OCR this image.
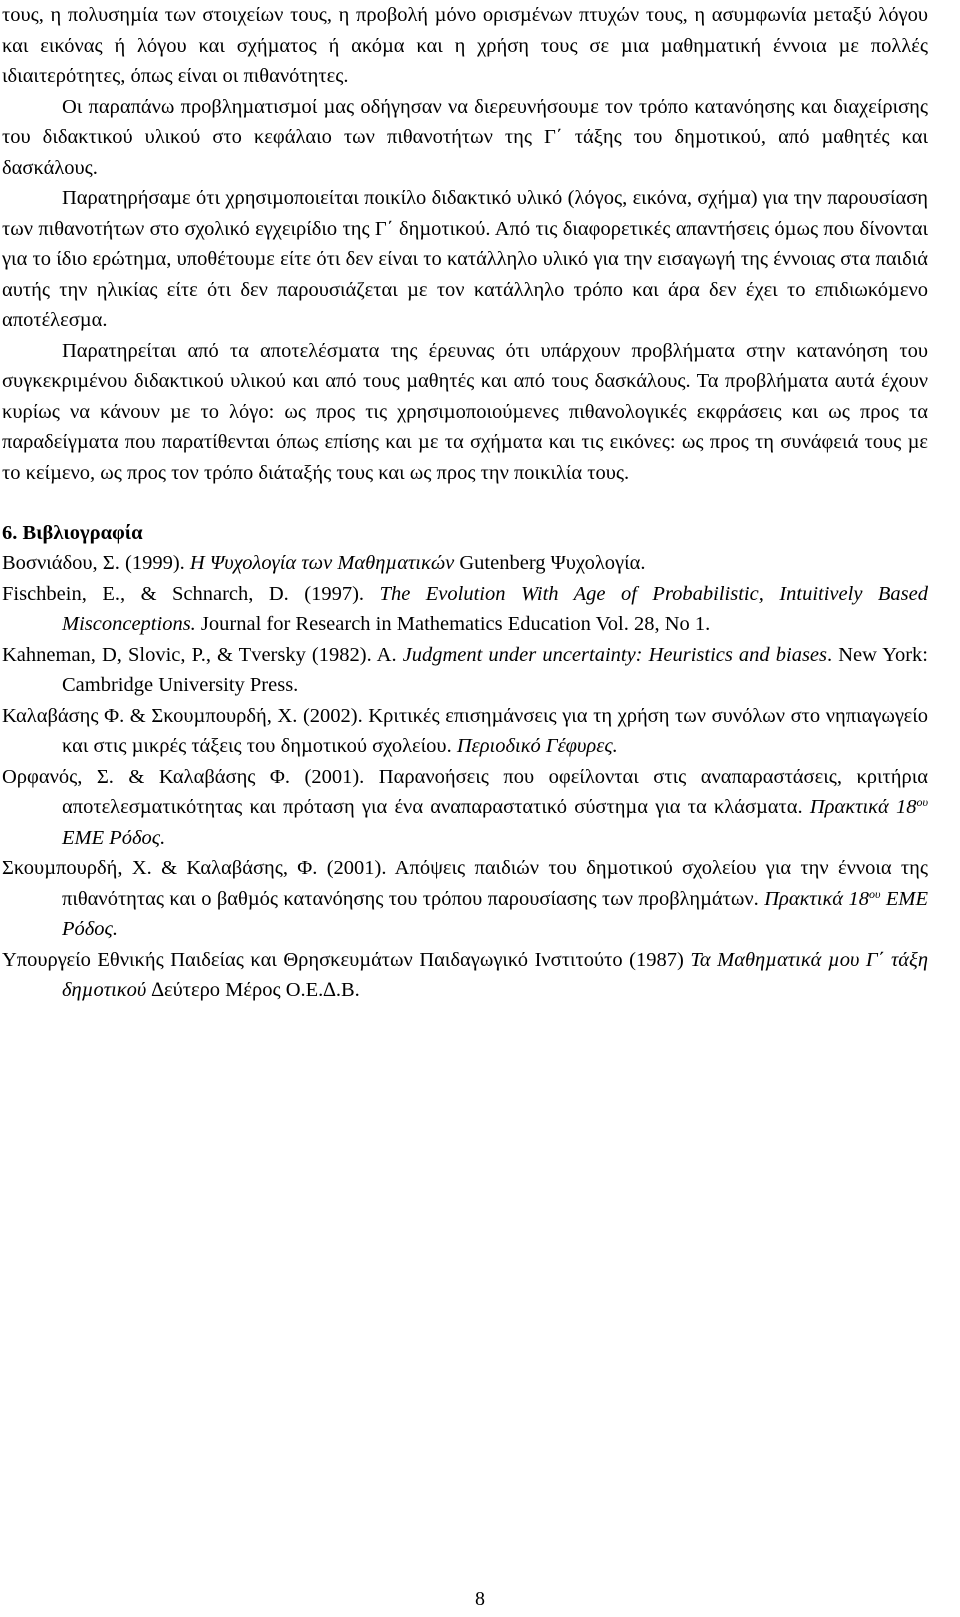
τους, η πολυσηµία των στοιχείων τους, η προβολή µόνο ορισµένων πτυχών τους, η ασυµφωνία µεταξύ λόγου και εικόνας ή λόγου και σχήµατος ή ακόµα και η χρήση τους σε µια µαθηµατική έννοια µε πολλές ιδιαιτερότητες, όπως είναι οι πιθανότητες.

Οι παραπάνω προβληµατισµοί µας οδήγησαν να διερευνήσουµε τον τρόπο κατανόησης και διαχείρισης του διδακτικού υλικού στο κεφάλαιο των πιθανοτήτων της Γ΄ τάξης του δηµοτικού, από µαθητές και δασκάλους.

Παρατηρήσαµε ότι χρησιµοποιείται ποικίλο διδακτικό υλικό (λόγος, εικόνα, σχήµα) για την παρουσίαση των πιθανοτήτων στο σχολικό εγχειρίδιο της Γ΄ δηµοτικού. Από τις διαφορετικές απαντήσεις όµως που δίνονται για το ίδιο ερώτηµα, υποθέτουµε είτε ότι δεν είναι το κατάλληλο υλικό για την εισαγωγή της έννοιας στα παιδιά αυτής την ηλικίας είτε ότι δεν παρουσιάζεται µε τον κατάλληλο τρόπο και άρα δεν έχει το επιδιωκόµενο αποτέλεσµα.

Παρατηρείται από τα αποτελέσµατα της έρευνας ότι υπάρχουν προβλήµατα στην κατανόηση του συγκεκριµένου διδακτικού υλικού και από τους µαθητές και από τους δασκάλους. Τα προβλήµατα αυτά έχουν κυρίως να κάνουν µε το λόγο: ως προς τις χρησιµοποιούµενες πιθανολογικές εκφράσεις και ως προς τα παραδείγµατα που παρατίθενται όπως επίσης και µε τα σχήµατα και τις εικόνες: ως προς τη συνάφειά τους µε το κείµενο, ως προς τον τρόπο διάταξής τους και ως προς την ποικιλία τους.

6. Βιβλιογραφία

Βοσνιάδου, Σ. (1999). Η Ψυχολογία των Μαθηµατικών Gutenberg Ψυχολογία.

Fischbein, E., & Schnarch, D. (1997). The Evolution With Age of Probabilistic, Intuitively Based Misconceptions. Journal for Research in Mathematics Education Vol. 28, No 1.

Kahneman, D, Slovic, P., & Tversky (1982). A. Judgment under uncertainty: Heuristics and biases. New York: Cambridge University Press.

Καλαβάσης Φ. & Σκουµπουρδή, Χ. (2002). Κριτικές επισηµάνσεις για τη χρήση των συνόλων στο νηπιαγωγείο και στις µικρές τάξεις του δηµοτικού σχολείου. Περιοδικό Γέφυρες.

Ορφανός, Σ. & Καλαβάσης Φ. (2001). Παρανοήσεις που οφείλονται στις αναπαραστάσεις, κριτήρια αποτελεσµατικότητας και πρόταση για ένα αναπαραστατικό σύστηµα για τα κλάσµατα. Πρακτικά $18^{o\upsilon}$ ΕΜΕ Ρόδος.

Σκουµπουρδή, Χ. & Καλαβάσης, Φ. (2001). Απόψεις παιδιών του δηµοτικού σχολείου για την έννοια της πιθανότητας και ο βαθµός κατανόησης του τρόπου παρουσίασης των προβληµάτων. Πρακτικά $18^{o\upsilon}$ ΕΜΕ Ρόδος.

Υπουργείο Εθνικής Παιδείας και Θρησκευµάτων Παιδαγωγικό Ινστιτούτο (1987) Τα Μαθηµατικά µου Γ΄ τάξη δηµοτικού ∆εύτερο Μέρος Ο.Ε.∆.Β.

8
